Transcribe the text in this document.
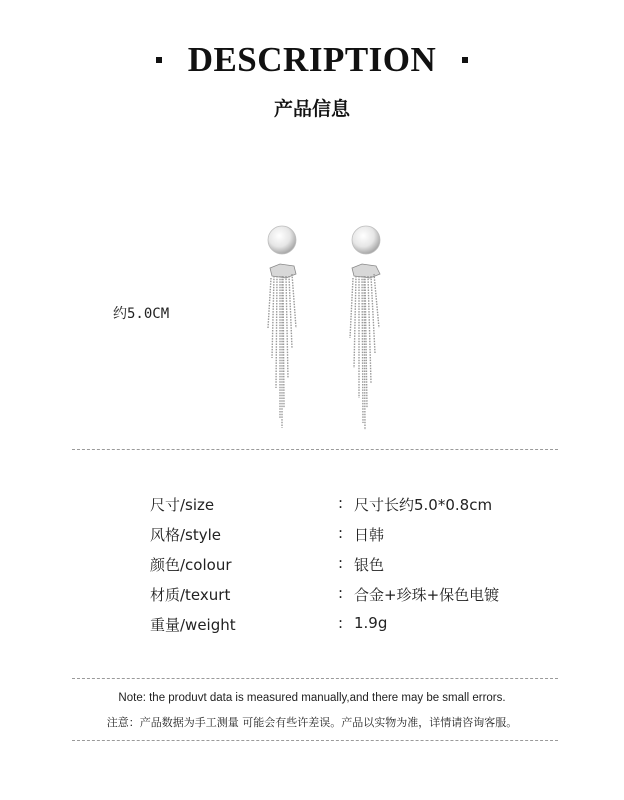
DESCRIPTION
产品信息
约5.0CM
尺寸/size	: 尺寸长约5.0*0.8cm
风格/style	: 日韩
颜色/colour	: 银色
材质/texurt	: 合金+珍珠+保色电镀
重量/weight	: 1.9g
Note: the produvt data is measured manually,and there may be small errors.
注意：产品数据为手工测量 可能会有些许差误。产品以实物为准，详情请咨询客服。
